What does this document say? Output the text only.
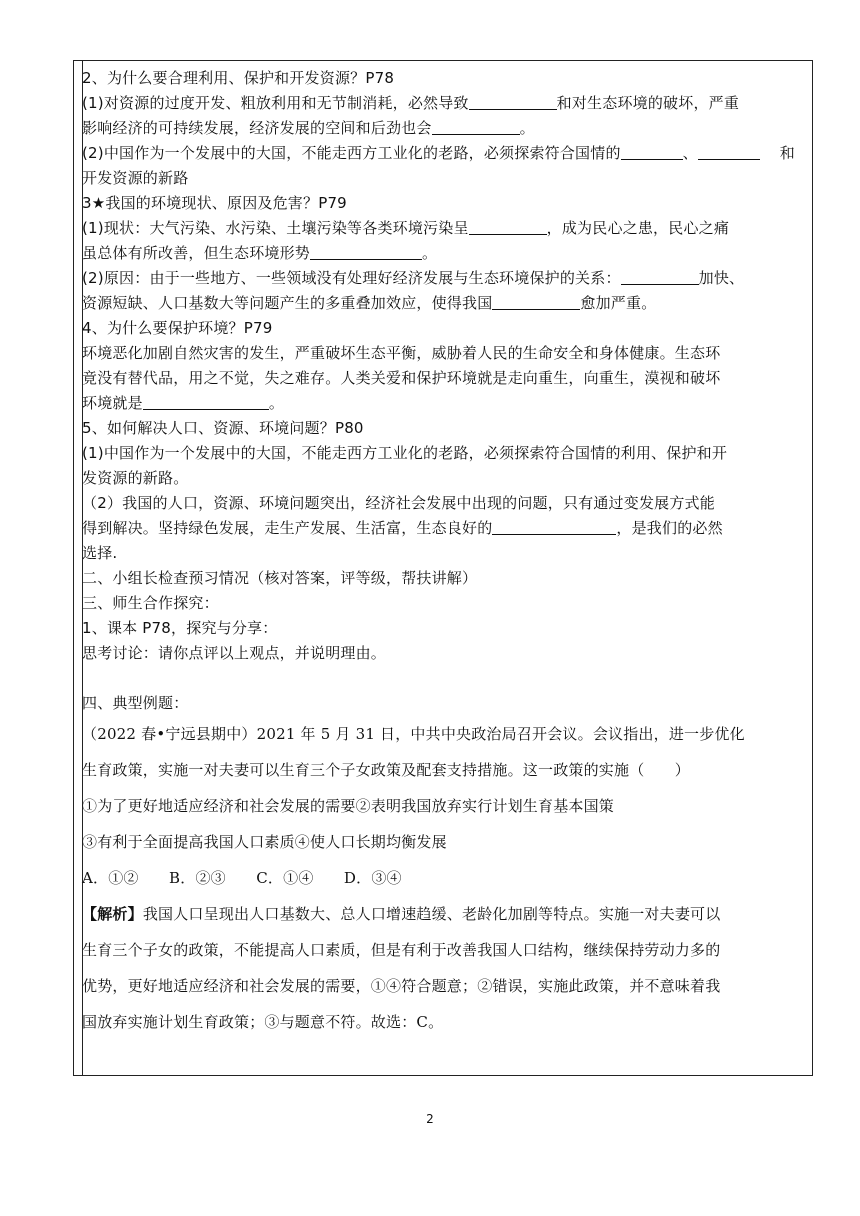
2、为什么要合理利用、保护和开发资源？P78

(1)对资源的过度开发、粗放利用和无节制消耗，必然导致	和对生态环境的破坏，严重

影响经济的可持续发展，经济发展的空间和后劲也会	。

(2)中国作为一个发展中的大国，不能走西方工业化的老路，必须探索符合国情的	、	和

开发资源的新路

3★我国的环境现状、原因及危害？P79

(1)现状：大气污染、水污染、土壤污染等各类环境污染呈	，成为民心之患，民心之痛

虽总体有所改善，但生态环境形势	。

(2)原因：由于一些地方、一些领域没有处理好经济发展与生态环境保护的关系：	加快、

资源短缺、人口基数大等问题产生的多重叠加效应，使得我国	愈加严重。

4、为什么要保护环境？P79

环境恶化加剧自然灾害的发生，严重破坏生态平衡，威胁着人民的生命安全和身体健康。生态环

竟没有替代品，用之不觉，失之难存。人类关爱和保护环境就是走向重生，向重生，漠视和破坏

环境就是	。

5、如何解决人口、资源、环境问题？P80

(1)中国作为一个发展中的大国，不能走西方工业化的老路，必须探索符合国情的利用、保护和开

发资源的新路。

（2）我国的人口，资源、环境问题突出，经济社会发展中出现的问题，只有通过变发展方式能

得到解决。坚持绿色发展，走生产发展、生活富，生态良好的	，是我们的必然

选择.

二、小组长检查预习情况（核对答案，评等级，帮扶讲解）

三、师生合作探究：

1、课本 P78，探究与分享：

思考讨论：请你点评以上观点，并说明理由。

四、典型例题：

（2022 春•宁远县期中）2021 年 5 月 31 日，中共中央政治局召开会议。会议指出，进一步优化

生育政策，实施一对夫妻可以生育三个子女政策及配套支持措施。这一政策的实施（　　）

①为了更好地适应经济和社会发展的需要②表明我国放弃实行计划生育基本国策

③有利于全面提高我国人口素质④使人口长期均衡发展

A．①②　　B．②③　　C．①④　　D．③④

【解析】我国人口呈现出人口基数大、总人口增速趋缓、老龄化加剧等特点。实施一对夫妻可以

生育三个子女的政策，不能提高人口素质，但是有利于改善我国人口结构，继续保持劳动力多的

优势，更好地适应经济和社会发展的需要，①④符合题意；②错误，实施此政策，并不意味着我

国放弃实施计划生育政策；③与题意不符。故选：C。

2
